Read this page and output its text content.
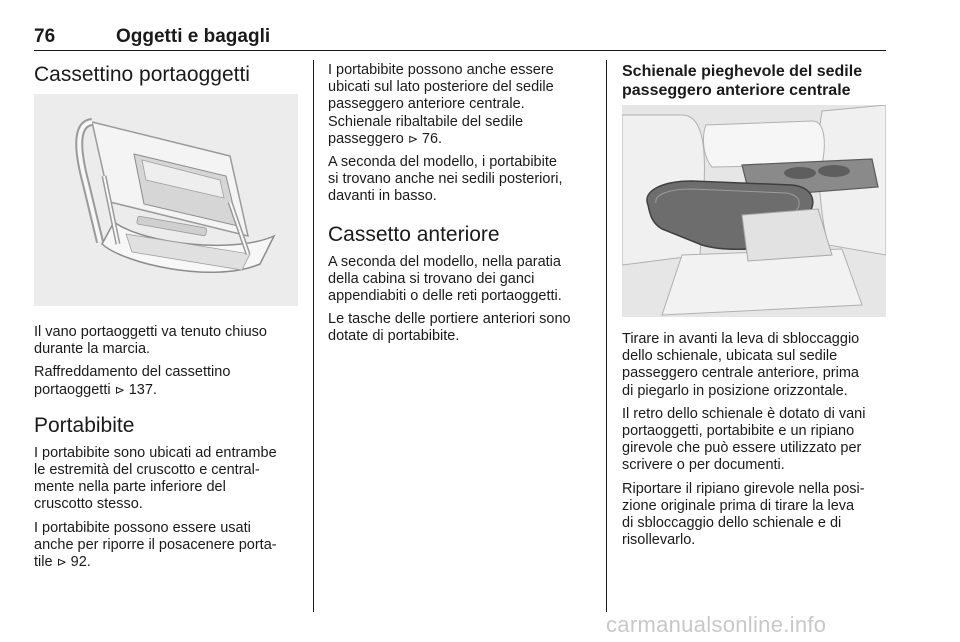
76	Oggetti e bagagli
Cassettino portaoggetti

Il vano portaoggetti va tenuto chiuso
durante la marcia.

Raffreddamento del cassettino
portaoggetti ⊳ 137.

Portabibite

I portabibite sono ubicati ad entrambe
le estremità del cruscotto e central-
mente nella parte inferiore del
cruscotto stesso.

I portabibite possono essere usati
anche per riporre il posacenere porta-
tile ⊳ 92.

I portabibite possono anche essere
ubicati sul lato posteriore del sedile
passeggero anteriore centrale.
Schienale ribaltabile del sedile
passeggero ⊳ 76.

A seconda del modello, i portabibite
si trovano anche nei sedili posteriori,
davanti in basso.

Cassetto anteriore

A seconda del modello, nella paratia
della cabina si trovano dei ganci
appendiabiti o delle reti portaoggetti.

Le tasche delle portiere anteriori sono
dotate di portabibite.

Schienale pieghevole del sedile
passeggero anteriore centrale

Tirare in avanti la leva di sbloccaggio
dello schienale, ubicata sul sedile
passeggero centrale anteriore, prima
di piegarlo in posizione orizzontale.

Il retro dello schienale è dotato di vani
portaoggetti, portabibite e un ripiano
girevole che può essere utilizzato per
scrivere o per documenti.

Riportare il ripiano girevole nella posi-
zione originale prima di tirare la leva
di sbloccaggio dello schienale e di
risollevarlo.

carmanualsonline.info
